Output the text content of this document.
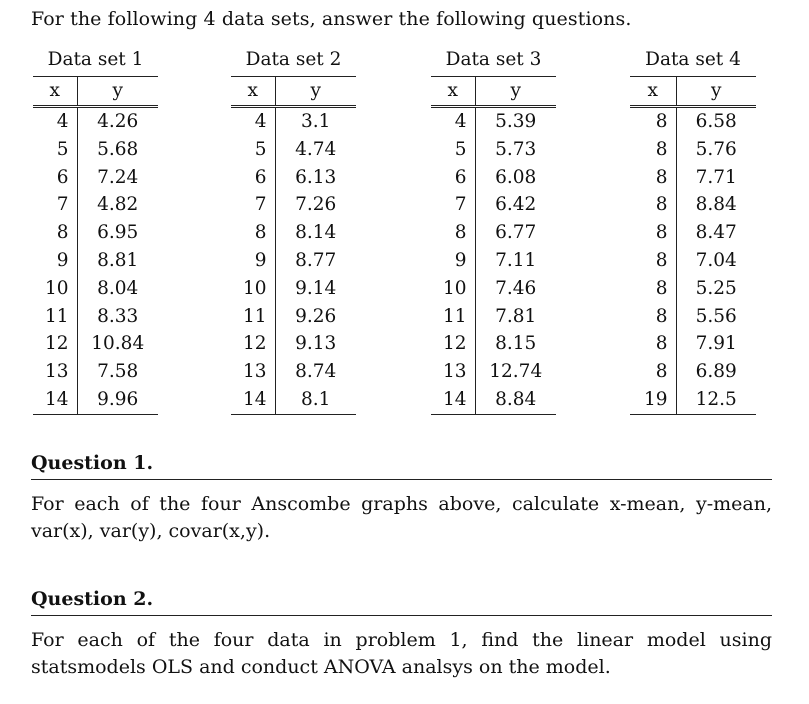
For the following 4 data sets, answer the following questions.
Data set 1
x	y
4	4.26
5	5.68
6	7.24
7	4.82
8	6.95
9	8.81
10	8.04
11	8.33
12	10.84
13	7.58
14	9.96
Data set 2
x	y
4	3.1
5	4.74
6	6.13
7	7.26
8	8.14
9	8.77
10	9.14
11	9.26
12	9.13
13	8.74
14	8.1
Data set 3
x	y
4	5.39
5	5.73
6	6.08
7	6.42
8	6.77
9	7.11
10	7.46
11	7.81
12	8.15
13	12.74
14	8.84
Data set 4
x	y
8	6.58
8	5.76
8	7.71
8	8.84
8	8.47
8	7.04
8	5.25
8	5.56
8	7.91
8	6.89
19	12.5
Question 1.
For each of the four Anscombe graphs above, calculate x-mean, y-mean, var(x), var(y), covar(x,y).
Question 2.
For each of the four data in problem 1, find the linear model using statsmodels OLS and conduct ANOVA analsys on the model.
